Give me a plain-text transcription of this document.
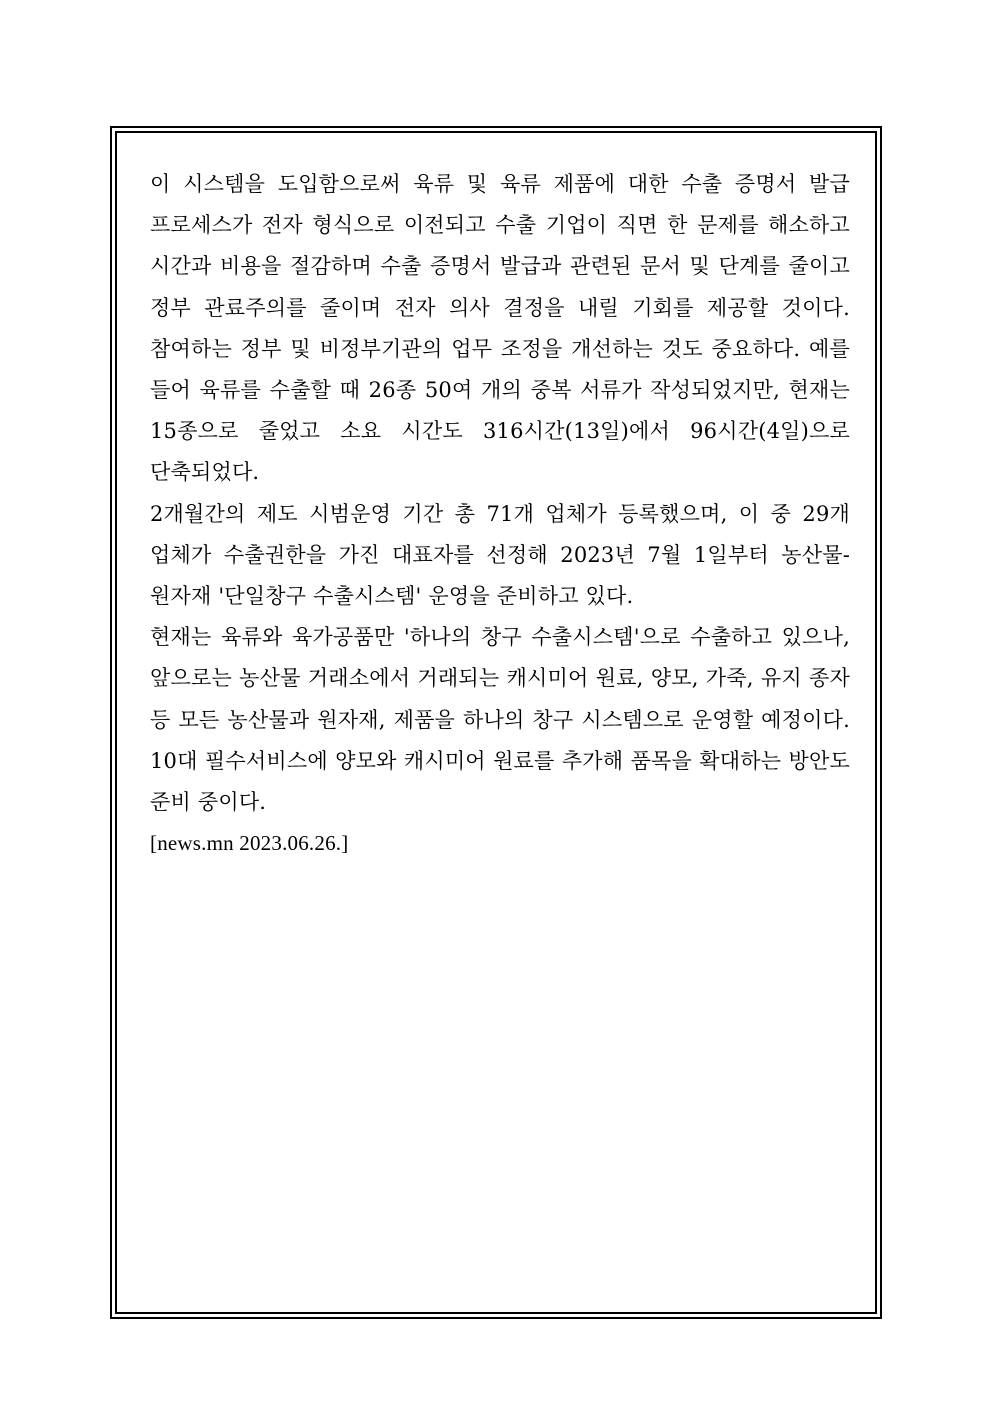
이 시스템을 도입함으로써 육류 및 육류 제품에 대한 수출 증명서 발급 프로세스가 전자 형식으로 이전되고 수출 기업이 직면 한 문제를 해소하고 시간과 비용을 절감하며 수출 증명서 발급과 관련된 문서 및 단계를 줄이고 정부 관료주의를 줄이며 전자 의사 결정을 내릴 기회를 제공할 것이다. 참여하는 정부 및 비정부기관의 업무 조정을 개선하는 것도 중요하다. 예를 들어 육류를 수출할 때 26종 50여 개의 중복 서류가 작성되었지만, 현재는 15종으로 줄었고 소요 시간도 316시간(13일)에서 96시간(4일)으로 단축되었다.

2개월간의 제도 시범운영 기간 총 71개 업체가 등록했으며, 이 중 29개 업체가 수출권한을 가진 대표자를 선정해 2023년 7월 1일부터 농산물-원자재 '단일창구 수출시스템' 운영을 준비하고 있다.

현재는 육류와 육가공품만 '하나의 창구 수출시스템'으로 수출하고 있으나, 앞으로는 농산물 거래소에서 거래되는 캐시미어 원료, 양모, 가죽, 유지 종자 등 모든 농산물과 원자재, 제품을 하나의 창구 시스템으로 운영할 예정이다. 10대 필수서비스에 양모와 캐시미어 원료를 추가해 품목을 확대하는 방안도 준비 중이다.

[news.mn 2023.06.26.]
